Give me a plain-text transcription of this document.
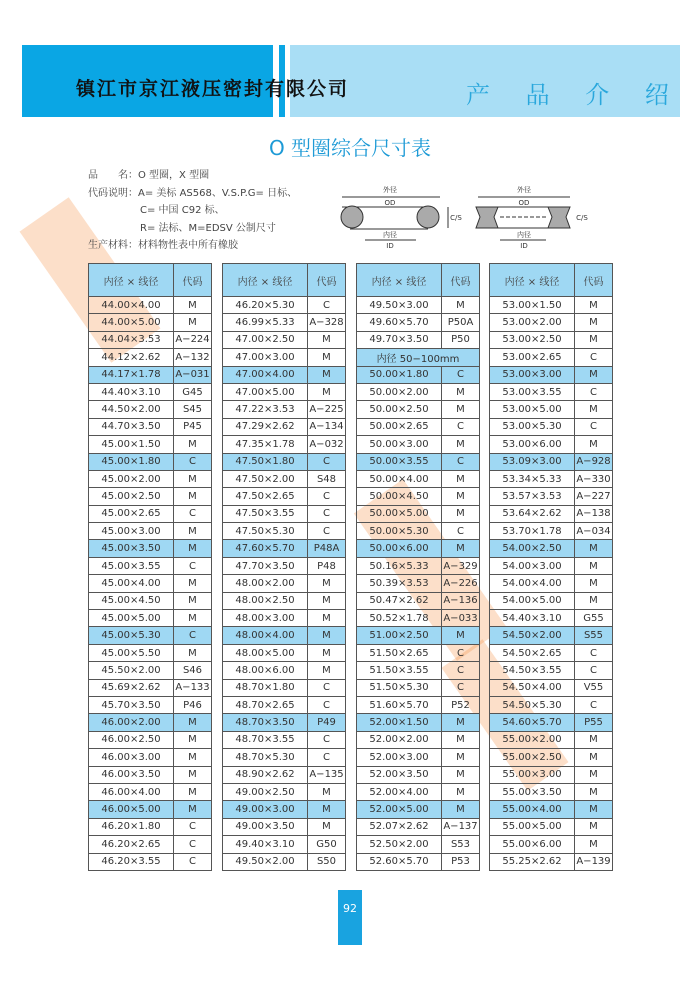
镇江市京江液压密封有限公司	产 品 介 绍
O 型圈综合尺寸表
品　　名：O 型圈，X 型圈
代码说明：A= 美标 AS568、V.S.P.G= 日标、
C= 中国 C92 标、
R= 法标、M=EDSV 公制尺寸
生产材料：材料物性表中所有橡胶
外径
OD
内径
ID
外径
OD
内径
ID
C/S	C/S
内径 × 线径	代码
44.00×4.00	M
44.00×5.00	M
44.04×3.53	A−224
44.12×2.62	A−132
44.17×1.78	A−031
44.40×3.10	G45
44.50×2.00	S45
44.70×3.50	P45
45.00×1.50	M
45.00×1.80	C
45.00×2.00	M
45.00×2.50	M
45.00×2.65	C
45.00×3.00	M
45.00×3.50	M
45.00×3.55	C
45.00×4.00	M
45.00×4.50	M
45.00×5.00	M
45.00×5.30	C
45.00×5.50	M
45.50×2.00	S46
45.69×2.62	A−133
45.70×3.50	P46
46.00×2.00	M
46.00×2.50	M
46.00×3.00	M
46.00×3.50	M
46.00×4.00	M
46.00×5.00	M
46.20×1.80	C
46.20×2.65	C
46.20×3.55	C
内径 × 线径	代码
46.20×5.30	C
46.99×5.33	A−328
47.00×2.50	M
47.00×3.00	M
47.00×4.00	M
47.00×5.00	M
47.22×3.53	A−225
47.29×2.62	A−134
47.35×1.78	A−032
47.50×1.80	C
47.50×2.00	S48
47.50×2.65	C
47.50×3.55	C
47.50×5.30	C
47.60×5.70	P48A
47.70×3.50	P48
48.00×2.00	M
48.00×2.50	M
48.00×3.00	M
48.00×4.00	M
48.00×5.00	M
48.00×6.00	M
48.70×1.80	C
48.70×2.65	C
48.70×3.50	P49
48.70×3.55	C
48.70×5.30	C
48.90×2.62	A−135
49.00×2.50	M
49.00×3.00	M
49.00×3.50	M
49.40×3.10	G50
49.50×2.00	S50
内径 × 线径	代码
49.50×3.00	M
49.60×5.70	P50A
49.70×3.50	P50
内径 50−100mm	
50.00×1.80	C
50.00×2.00	M
50.00×2.50	M
50.00×2.65	C
50.00×3.00	M
50.00×3.55	C
50.00×4.00	M
50.00×4.50	M
50.00×5.00	M
50.00×5.30	C
50.00×6.00	M
50.16×5.33	A−329
50.39×3.53	A−226
50.47×2.62	A−136
50.52×1.78	A−033
51.00×2.50	M
51.50×2.65	C
51.50×3.55	C
51.50×5.30	C
51.60×5.70	P52
52.00×1.50	M
52.00×2.00	M
52.00×3.00	M
52.00×3.50	M
52.00×4.00	M
52.00×5.00	M
52.07×2.62	A−137
52.50×2.00	S53
52.60×5.70	P53
内径 × 线径	代码
53.00×1.50	M
53.00×2.00	M
53.00×2.50	M
53.00×2.65	C
53.00×3.00	M
53.00×3.55	C
53.00×5.00	M
53.00×5.30	C
53.00×6.00	M
53.09×3.00	A−928
53.34×5.33	A−330
53.57×3.53	A−227
53.64×2.62	A−138
53.70×1.78	A−034
54.00×2.50	M
54.00×3.00	M
54.00×4.00	M
54.00×5.00	M
54.40×3.10	G55
54.50×2.00	S55
54.50×2.65	C
54.50×3.55	C
54.50×4.00	V55
54.50×5.30	C
54.60×5.70	P55
55.00×2.00	M
55.00×2.50	M
55.00×3.00	M
55.00×3.50	M
55.00×4.00	M
55.00×5.00	M
55.00×6.00	M
55.25×2.62	A−139
92
